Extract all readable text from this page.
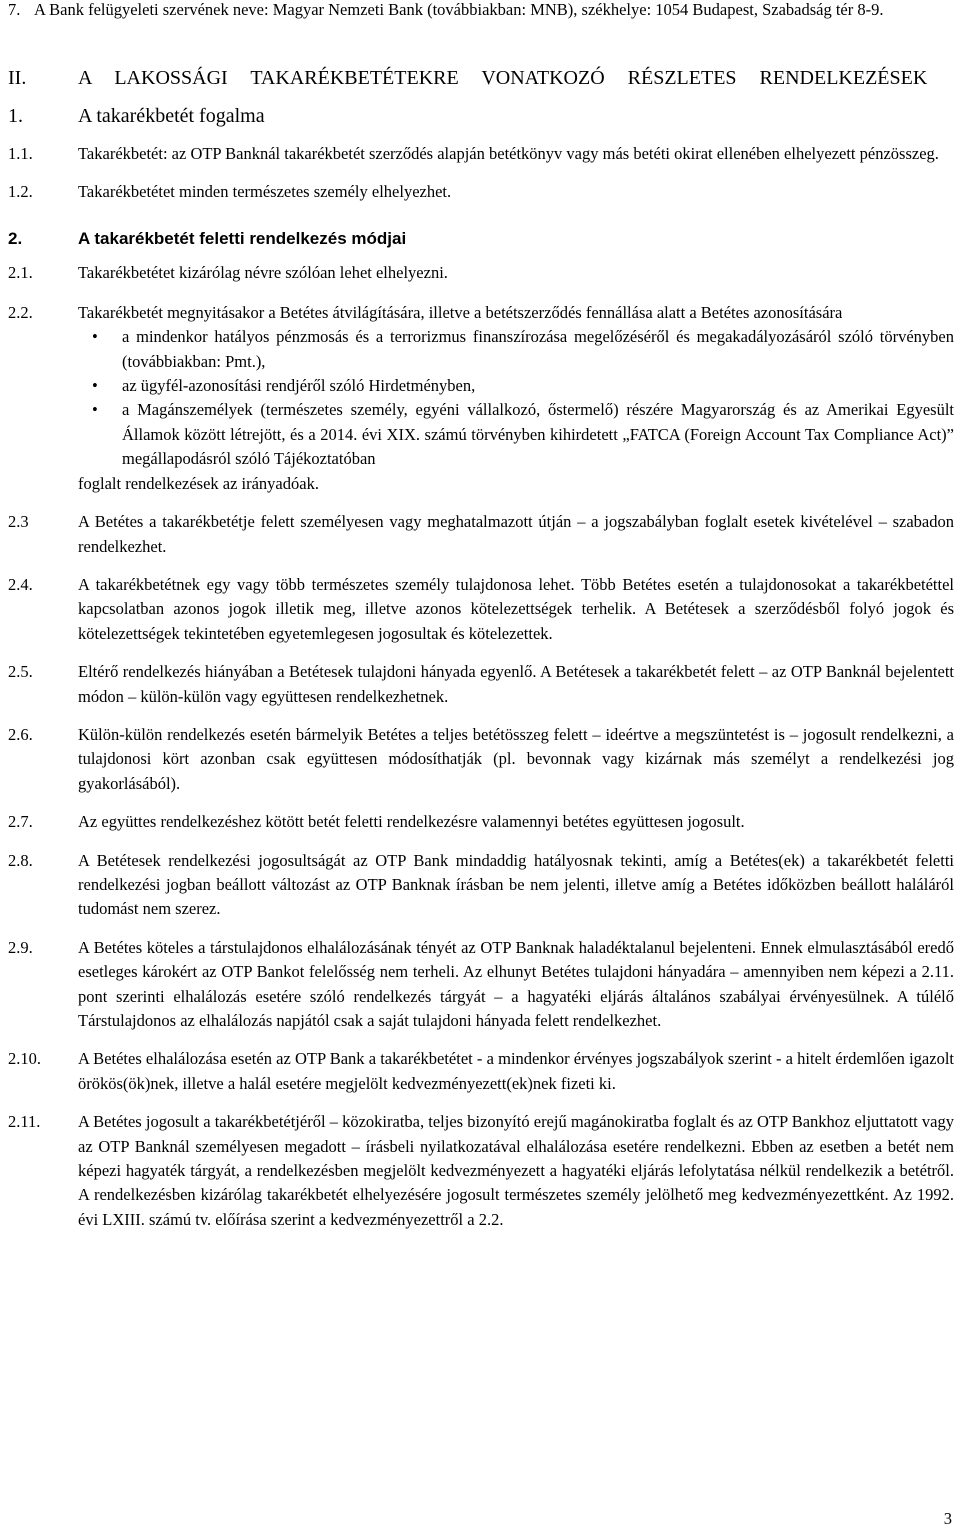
7. A Bank felügyeleti szervének neve: Magyar Nemzeti Bank (továbbiakban: MNB), székhelye: 1054 Budapest, Szabadság tér 8-9.
II.	A LAKOSSÁGI TAKARÉKBETÉTEKRE VONATKOZÓ RÉSZLETES RENDELKEZÉSEK
1.	A takarékbetét fogalma
1.1.	Takarékbetét: az OTP Banknál takarékbetét szerződés alapján betétkönyv vagy más betéti okirat ellenében elhelyezett pénzösszeg.
1.2.	Takarékbetétet minden természetes személy elhelyezhet.
2.	A takarékbetét feletti rendelkezés módjai
2.1.	Takarékbetétet kizárólag névre szólóan lehet elhelyezni.
2.2.	Takarékbetét megnyitásakor a Betétes átvilágítására, illetve a betétszerződés fennállása alatt a Betétes azonosítására
•	a mindenkor hatályos pénzmosás és a terrorizmus finanszírozása megelőzéséről és megakadályozásáról szóló törvényben (továbbiakban: Pmt.),
•	az ügyfél-azonosítási rendjéről szóló Hirdetményben,
•	a Magánszemélyek (természetes személy, egyéni vállalkozó, őstermelő) részére Magyarország és az Amerikai Egyesült Államok között létrejött, és a 2014. évi XIX. számú törvényben kihirdetett „FATCA (Foreign Account Tax Compliance Act)” megállapodásról szóló Tájékoztatóban
foglalt rendelkezések az irányadóak.
2.3	A Betétes a takarékbetétje felett személyesen vagy meghatalmazott útján – a jogszabályban foglalt esetek kivételével – szabadon rendelkezhet.
2.4.	A takarékbetétnek egy vagy több természetes személy tulajdonosa lehet. Több Betétes esetén a tulajdonosokat a takarékbetéttel kapcsolatban azonos jogok illetik meg, illetve azonos kötelezettségek terhelik. A Betétesek a szerződésből folyó jogok és kötelezettségek tekintetében egyetemlegesen jogosultak és kötelezettek.
2.5.	Eltérő rendelkezés hiányában a Betétesek tulajdoni hányada egyenlő. A Betétesek a takarékbetét felett – az OTP Banknál bejelentett módon – külön-külön vagy együttesen rendelkezhetnek.
2.6.	Külön-külön rendelkezés esetén bármelyik Betétes a teljes betétösszeg felett – ideértve a megszüntetést is – jogosult rendelkezni, a tulajdonosi kört azonban csak együttesen módosíthatják (pl. bevonnak vagy kizárnak más személyt a rendelkezési jog gyakorlásából).
2.7.	Az együttes rendelkezéshez kötött betét feletti rendelkezésre valamennyi betétes együttesen jogosult.
2.8.	A Betétesek rendelkezési jogosultságát az OTP Bank mindaddig hatályosnak tekinti, amíg a Betétes(ek) a takarékbetét feletti rendelkezési jogban beállott változást az OTP Banknak írásban be nem jelenti, illetve amíg a Betétes időközben beállott haláláról tudomást nem szerez.
2.9.	A Betétes köteles a társtulajdonos elhalálozásának tényét az OTP Banknak haladéktalanul bejelenteni. Ennek elmulasztásából eredő esetleges károkért az OTP Bankot felelősség nem terheli. Az elhunyt Betétes tulajdoni hányadára – amennyiben nem képezi a 2.11. pont szerinti elhalálozás esetére szóló rendelkezés tárgyát – a hagyatéki eljárás általános szabályai érvényesülnek. A túlélő Társtulajdonos az elhalálozás napjától csak a saját tulajdoni hányada felett rendelkezhet.
2.10.	A Betétes elhalálozása esetén az OTP Bank a takarékbetétet - a mindenkor érvényes jogszabályok szerint - a hitelt érdemlően igazolt örökös(ök)nek, illetve a halál esetére megjelölt kedvezményezett(ek)nek fizeti ki.
2.11.	A Betétes jogosult a takarékbetétjéről – közokiratba, teljes bizonyító erejű magánokiratba foglalt és az OTP Bankhoz eljuttatott vagy az OTP Banknál személyesen megadott – írásbeli nyilatkozatával elhalálozása esetére rendelkezni. Ebben az esetben a betét nem képezi hagyaték tárgyát, a rendelkezésben megjelölt kedvezményezett a hagyatéki eljárás lefolytatása nélkül rendelkezik a betétről. A rendelkezésben kizárólag takarékbetét elhelyezésére jogosult természetes személy jelölhető meg kedvezményezettként. Az 1992. évi LXIII. számú tv. előírása szerint a kedvezményezettről a 2.2.
3
